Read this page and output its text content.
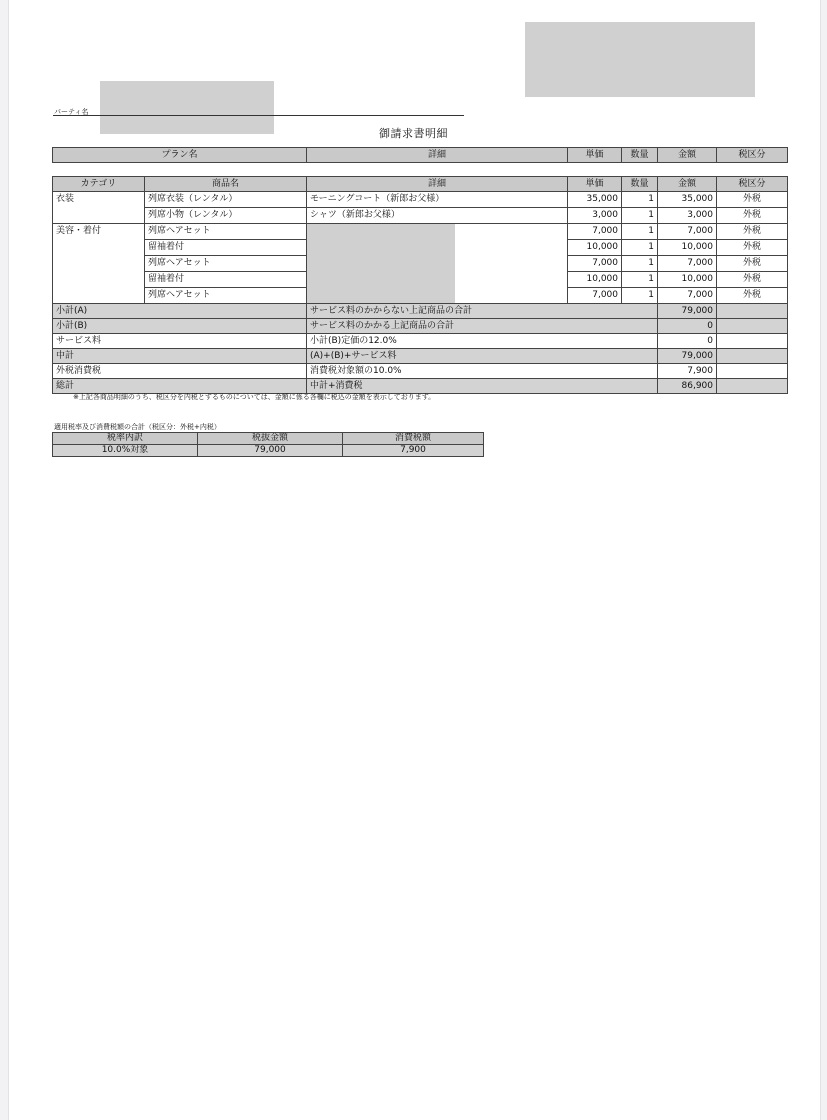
パーティ名
御請求書明細
プラン名	詳細	単価	数量	金額	税区分
カテゴリ	商品名	詳細	単価	数量	金額	税区分
衣装	列席衣装（レンタル）	モーニングコート（新郎お父様）	35,000	1	35,000	外税
	列席小物（レンタル）	シャツ（新郎お父様）	3,000	1	3,000	外税
美容・着付	列席ヘアセット		7,000	1	7,000	外税
	留袖着付		10,000	1	10,000	外税
	列席ヘアセット		7,000	1	7,000	外税
	留袖着付		10,000	1	10,000	外税
	列席ヘアセット		7,000	1	7,000	外税
小計(A)		サービス料のかからない上記商品の合計			79,000	
小計(B)		サービス料のかかる上記商品の合計			0	
サービス料		小計(B)定価の12.0%			0	
中計		(A)+(B)+サービス料			79,000	
外税消費税		消費税対象額の10.0%			7,900	
総計		中計+消費税			86,900	
※上記各商品明細のうち、税区分を内税とするものについては、金額に係る各欄に税込の金額を表示しております。
適用税率及び消費税額の合計（税区分：外税+内税）
税率内訳	税抜金額	消費税額
10.0%対象	79,000	7,900
